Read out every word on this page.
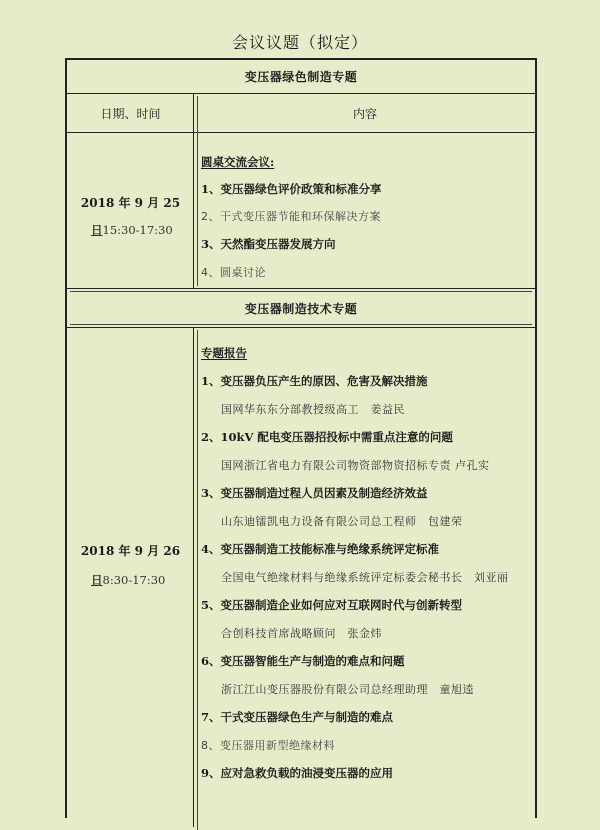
会议议题（拟定）
变压器绿色制造专题
日期、时间	内容
2018 年 9 月 25
日15:30-17:30
圆桌交流会议:
1、变压器绿色评价政策和标准分享
2、干式变压器节能和环保解决方案
3、天然酯变压器发展方向
4、圆桌讨论
变压器制造技术专题
2018 年 9 月 26
日8:30-17:30
专题报告
1、变压器负压产生的原因、危害及解决措施
国网华东东分部教授级高工　姜益民
2、10kV 配电变压器招投标中需重点注意的问题
国网浙江省电力有限公司物资部物资招标专责 卢孔实
3、变压器制造过程人员因素及制造经济效益
山东迪镭凯电力设备有限公司总工程师　包建荣
4、变压器制造工技能标准与绝缘系统评定标准
全国电气绝缘材料与绝缘系统评定标委会秘书长　刘亚丽
5、变压器制造企业如何应对互联网时代与创新转型
合创科技首席战略顾问　张金炜
6、变压器智能生产与制造的难点和问题
浙江江山变压器股份有限公司总经理助理　童旭逵
7、干式变压器绿色生产与制造的难点
8、变压器用新型绝缘材料
9、应对急救负载的油浸变压器的应用
